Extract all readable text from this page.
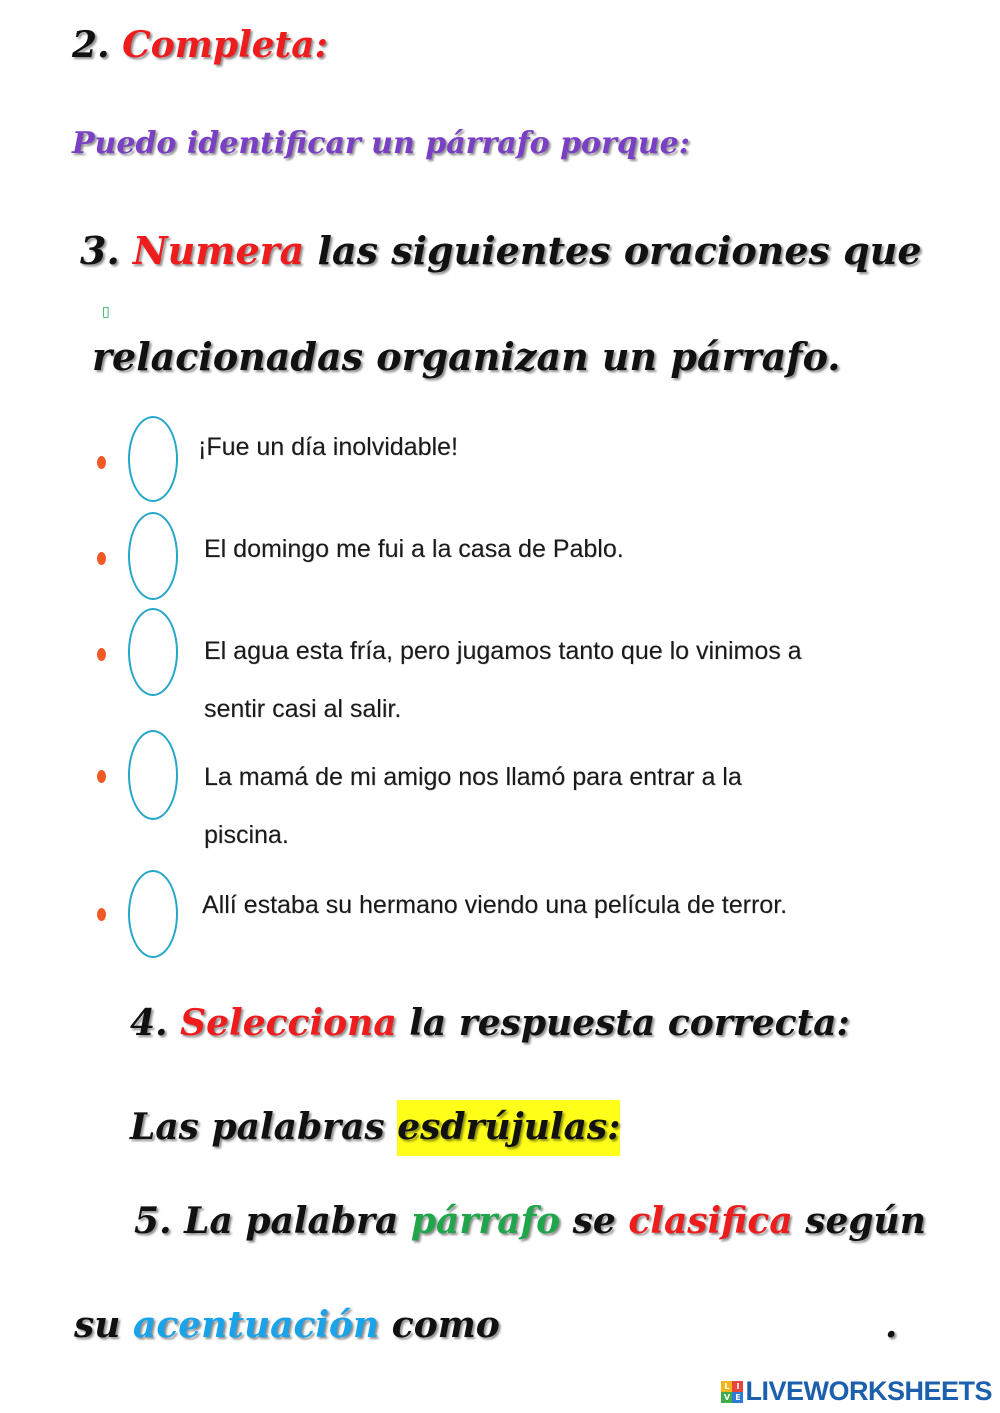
2. Completa:
Puedo identificar un párrafo porque:
3. Numera las siguientes oraciones que
▯
relacionadas organizan un párrafo.
¡Fue un día inolvidable!
El domingo me fui a la casa de Pablo.
El agua esta fría, pero jugamos tanto que lo vinimos a
sentir casi al salir.
La mamá de mi amigo nos llamó para entrar a la
piscina.
Allí estaba su hermano viendo una película de terror.
4. Selecciona la respuesta correcta:
Las palabras esdrújulas:
5. La palabra párrafo se clasifica según
su acentuación como	.
L I
V E LIVEWORKSHEETS
